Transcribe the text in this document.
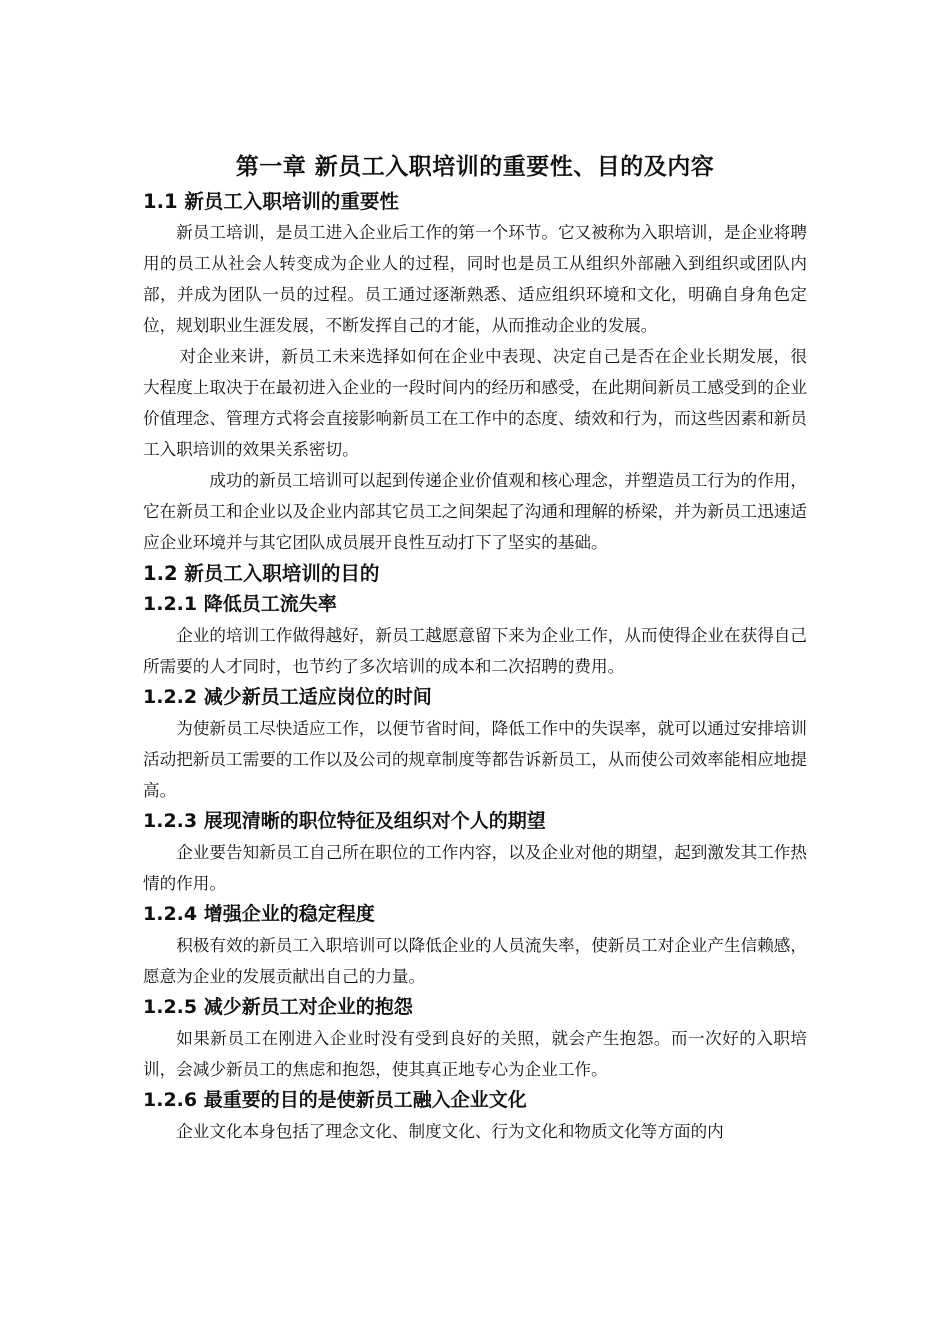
第一章 新员工入职培训的重要性、目的及内容
1.1 新员工入职培训的重要性

新员工培训，是员工进入企业后工作的第一个环节。它又被称为入职培训，是企业将聘用的员工从社会人转变成为企业人的过程，同时也是员工从组织外部融入到组织或团队内部，并成为团队一员的过程。员工通过逐渐熟悉、适应组织环境和文化，明确自身角色定位，规划职业生涯发展，不断发挥自己的才能，从而推动企业的发展。

对企业来讲，新员工未来选择如何在企业中表现、决定自己是否在企业长期发展，很大程度上取决于在最初进入企业的一段时间内的经历和感受，在此期间新员工感受到的企业价值理念、管理方式将会直接影响新员工在工作中的态度、绩效和行为，而这些因素和新员工入职培训的效果关系密切。

成功的新员工培训可以起到传递企业价值观和核心理念，并塑造员工行为的作用，它在新员工和企业以及企业内部其它员工之间架起了沟通和理解的桥梁，并为新员工迅速适应企业环境并与其它团队成员展开良性互动打下了坚实的基础。

1.2 新员工入职培训的目的
1.2.1 降低员工流失率

企业的培训工作做得越好，新员工越愿意留下来为企业工作，从而使得企业在获得自己所需要的人才同时，也节约了多次培训的成本和二次招聘的费用。

1.2.2 减少新员工适应岗位的时间

为使新员工尽快适应工作，以便节省时间，降低工作中的失误率，就可以通过安排培训活动把新员工需要的工作以及公司的规章制度等都告诉新员工，从而使公司效率能相应地提高。

1.2.3 展现清晰的职位特征及组织对个人的期望

企业要告知新员工自己所在职位的工作内容，以及企业对他的期望，起到激发其工作热情的作用。

1.2.4 增强企业的稳定程度

积极有效的新员工入职培训可以降低企业的人员流失率，使新员工对企业产生信赖感，愿意为企业的发展贡献出自己的力量。

1.2.5 减少新员工对企业的抱怨

如果新员工在刚进入企业时没有受到良好的关照，就会产生抱怨。而一次好的入职培训，会减少新员工的焦虑和抱怨，使其真正地专心为企业工作。

1.2.6 最重要的目的是使新员工融入企业文化

企业文化本身包括了理念文化、制度文化、行为文化和物质文化等方面的内
